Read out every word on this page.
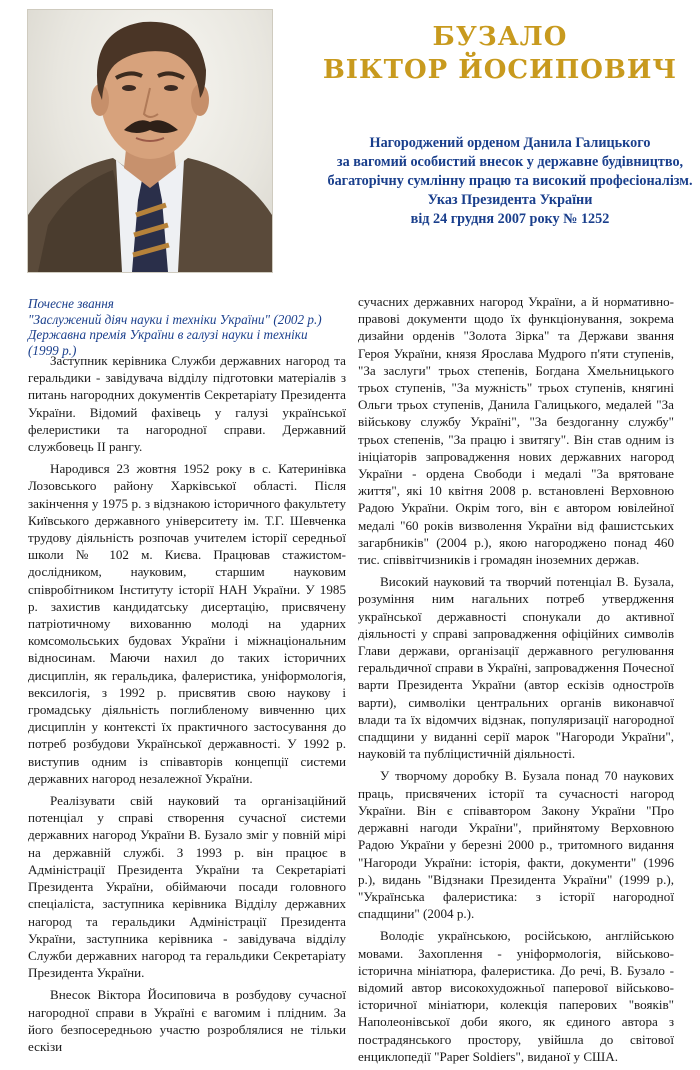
БУЗАЛО
ВІКТОР ЙОСИПОВИЧ
Нагороджений орденом Данила Галицького
за вагомий особистий внесок у державне будівництво,
багаторічну сумлінну працю та високий професіоналізм.
Указ Президента України
від 24 грудня 2007 року № 1252
Почесне звання
"Заслужений діяч науки і техніки України" (2002 р.)
Державна премія України в галузі науки і техніки
(1999 р.)

Заступник керівника Служби державних нагород та геральдики - завідувача відділу підготовки матеріалів з питань нагородних документів Секретаріату Президента України. Відомий фахівець у галузі української фелеристики та нагородної справи. Державний службовець ІІ рангу.

Народився 23 жовтня 1952 року в с. Катеринівка Лозовського району Харківської області. Після закінчення у 1975 р. з відзнакою історичного факультету Київського державного університету ім. Т.Г. Шевченка трудову діяльність розпочав учителем історії середньої школи № 102 м. Києва. Працював стажистом-дослідником, науковим, старшим науковим співробітником Інституту історії НАН України. У 1985 р. захистив кандидатську дисертацію, присвячену патріотичному вихованню молоді на ударних комсомольських будовах України і міжнаціональним відносинам. Маючи нахил до таких історичних дисциплін, як геральдика, фалеристика, уніформологія, вексилогія, з 1992 р. присвятив свою наукову і громадську діяльність поглибленому вивченню цих дисциплін у контексті їх практичного застосування до потреб розбудови Української державності. У 1992 р. виступив одним із співавторів концепції системи державних нагород незалежної України.

Реалізувати свій науковий та організаційний потенціал у справі створення сучасної системи державних нагород України В. Бузало зміг у повній мірі на державній службі. З 1993 р. він працює в Адміністрації Президента України та Секретаріаті Президента України, обіймаючи посади головного спеціаліста, заступника керівника Відділу державних нагород та геральдики Адміністрації Президента України, заступника керівника - завідувача відділу Служби державних нагород та геральдики Секретаріату Президента України.

Внесок Віктора Йосиповича в розбудову сучасної нагородної справи в Україні є вагомим і плідним. За його безпосередньою участю розроблялися не тільки ескізи

сучасних державних нагород України, а й нормативно-правові документи щодо їх функціонування, зокрема дизайни орденів "Золота Зірка" та Держави звання Героя України, князя Ярослава Мудрого п'яти ступенів, "За заслуги" трьох степенів, Богдана Хмельницького трьох ступенів, "За мужність" трьох ступенів, княгині Ольги трьох ступенів, Данила Галицького, медалей "За військову службу Україні", "За бездоганну службу" трьох степенів, "За працю і звитягу". Він став одним із ініціаторів запровадження нових державних нагород України - ордена Свободи і медалі "За врятоване життя", які 10 квітня 2008 р. встановлені Верховною Радою України. Окрім того, він є автором ювілейної медалі "60 років визволення України від фашистських загарбників" (2004 р.), якою нагороджено понад 460 тис. співвітчизників і громадян іноземних держав.

Високий науковий та творчий потенціал В. Бузала, розуміння ним нагальних потреб утвердження української державності спонукали до активної діяльності у справі запровадження офіційних символів Глави держави, організації державного регулювання геральдичної справи в Україні, запровадження Почесної варти Президента України (автор ескізів одностроїв варти), символіки центральних органів виконавчої влади та їх відомчих відзнак, популяризації нагородної спадщини у виданні серії марок "Нагороди України", науковій та публіцистичній діяльності.

У творчому доробку В. Бузала понад 70 наукових праць, присвячених історії та сучасності нагород України. Він є співавтором Закону України "Про державні нагоди України", прийнятому Верховною Радою України у березні 2000 р., тритомного видання "Нагороди України: історія, факти, документи" (1996 р.), видань "Відзнаки Президента України" (1999 р.), "Українська фалеристика: з історії нагородної спадщини" (2004 р.).

Володіє українською, російською, англійською мовами. Захоплення - уніформологія, військово-історична мініатюра, фалеристика. До речі, В. Бузало - відомий автор високохудожньої паперової військово-історичної мініатюри, колекція паперових "вояків" Наполеонівської доби якого, як єдиного автора з пострадянського простору, увійшла до світової енциклопедії "Paper Soldiers", виданої у США.
